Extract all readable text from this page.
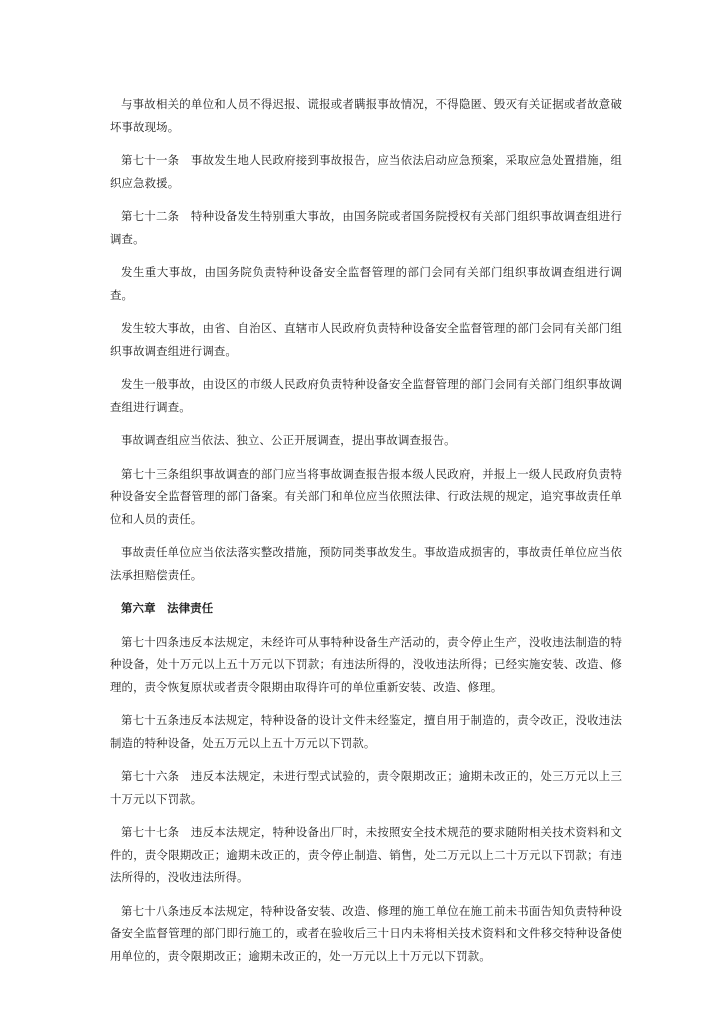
与事故相关的单位和人员不得迟报、谎报或者瞒报事故情况，不得隐匿、毁灭有关证据或者故意破坏事故现场。

第七十一条　事故发生地人民政府接到事故报告，应当依法启动应急预案，采取应急处置措施，组织应急救援。

第七十二条　特种设备发生特别重大事故，由国务院或者国务院授权有关部门组织事故调查组进行调查。

发生重大事故，由国务院负责特种设备安全监督管理的部门会同有关部门组织事故调查组进行调查。

发生较大事故，由省、自治区、直辖市人民政府负责特种设备安全监督管理的部门会同有关部门组织事故调查组进行调查。

发生一般事故，由设区的市级人民政府负责特种设备安全监督管理的部门会同有关部门组织事故调查组进行调查。

事故调查组应当依法、独立、公正开展调查，提出事故调查报告。

第七十三条组织事故调查的部门应当将事故调查报告报本级人民政府，并报上一级人民政府负责特种设备安全监督管理的部门备案。有关部门和单位应当依照法律、行政法规的规定，追究事故责任单位和人员的责任。

事故责任单位应当依法落实整改措施，预防同类事故发生。事故造成损害的，事故责任单位应当依法承担赔偿责任。

第六章　法律责任

第七十四条违反本法规定，未经许可从事特种设备生产活动的，责令停止生产，没收违法制造的特种设备，处十万元以上五十万元以下罚款；有违法所得的，没收违法所得；已经实施安装、改造、修理的，责令恢复原状或者责令限期由取得许可的单位重新安装、改造、修理。

第七十五条违反本法规定，特种设备的设计文件未经鉴定，擅自用于制造的，责令改正，没收违法制造的特种设备，处五万元以上五十万元以下罚款。

第七十六条　违反本法规定，未进行型式试验的，责令限期改正；逾期未改正的，处三万元以上三十万元以下罚款。

第七十七条　违反本法规定，特种设备出厂时，未按照安全技术规范的要求随附相关技术资料和文件的，责令限期改正；逾期未改正的，责令停止制造、销售，处二万元以上二十万元以下罚款；有违法所得的，没收违法所得。

第七十八条违反本法规定，特种设备安装、改造、修理的施工单位在施工前未书面告知负责特种设备安全监督管理的部门即行施工的，或者在验收后三十日内未将相关技术资料和文件移交特种设备使用单位的，责令限期改正；逾期未改正的，处一万元以上十万元以下罚款。
